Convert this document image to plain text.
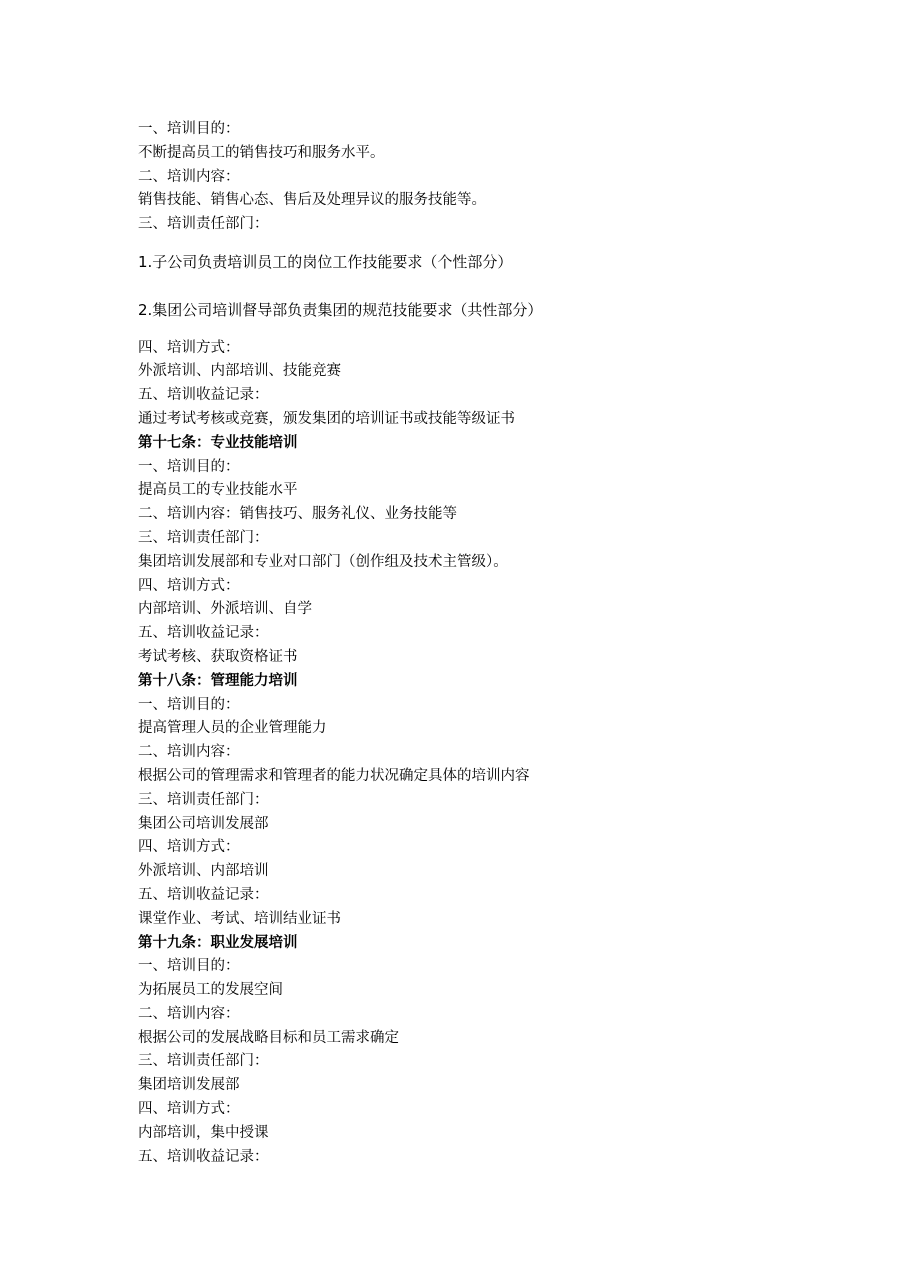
一、培训目的：
不断提高员工的销售技巧和服务水平。
二、培训内容：
销售技能、销售心态、售后及处理异议的服务技能等。
三、培训责任部门：
1.子公司负责培训员工的岗位工作技能要求（个性部分）
2.集团公司培训督导部负责集团的规范技能要求（共性部分）
四、培训方式：
外派培训、内部培训、技能竞赛
五、培训收益记录：
通过考试考核或竞赛，颁发集团的培训证书或技能等级证书
第十七条：专业技能培训
一、培训目的：
提高员工的专业技能水平
二、培训内容：销售技巧、服务礼仪、业务技能等
三、培训责任部门：
集团培训发展部和专业对口部门（创作组及技术主管级）。
四、培训方式：
内部培训、外派培训、自学
五、培训收益记录：
考试考核、获取资格证书
第十八条：管理能力培训
一、培训目的：
提高管理人员的企业管理能力
二、培训内容：
根据公司的管理需求和管理者的能力状况确定具体的培训内容
三、培训责任部门：
集团公司培训发展部
四、培训方式：
外派培训、内部培训
五、培训收益记录：
课堂作业、考试、培训结业证书
第十九条：职业发展培训
一、培训目的：
为拓展员工的发展空间
二、培训内容：
根据公司的发展战略目标和员工需求确定
三、培训责任部门：
集团培训发展部
四、培训方式：
内部培训，集中授课
五、培训收益记录：
